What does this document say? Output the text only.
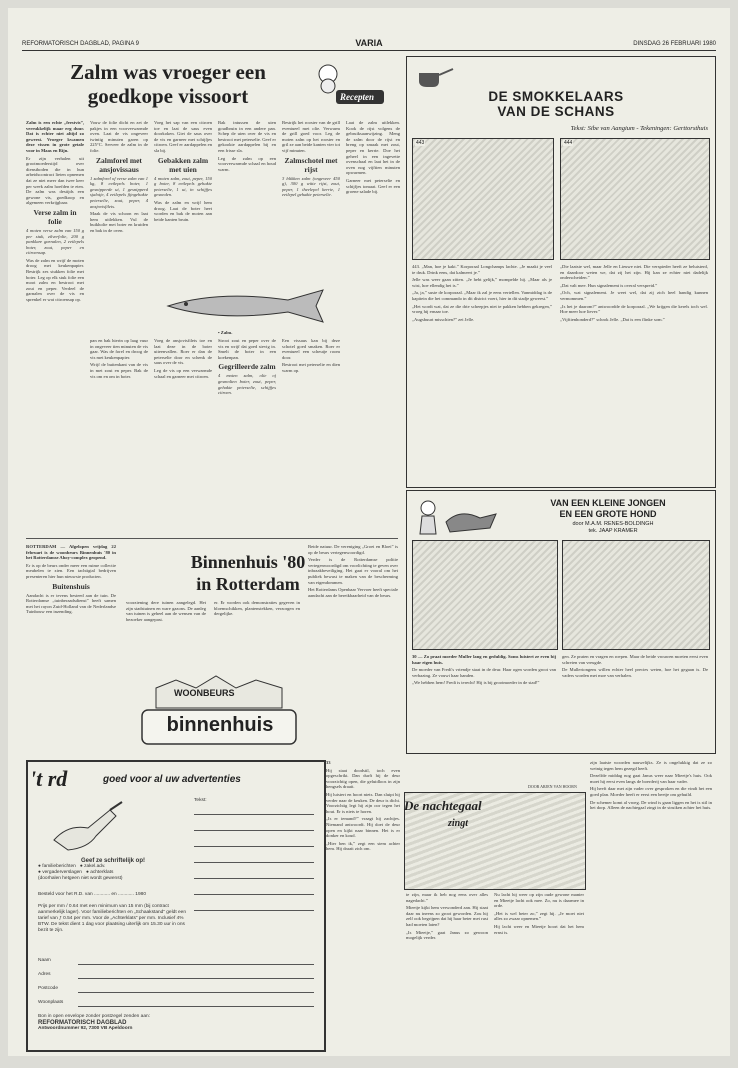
REFORMATORISCH DAGBLAD, PAGINA 9	VARIA	DINSDAG 26 FEBRUARI 1980
Zalm was vroeger een
goedkope vissoort	Recepten

Zalm is een echte „feestvis”, verrukkelijk maar erg duur. Dat is echter niet altijd zo geweest. Vroeger kwamen deze vissen in grote getale voor in Maas en Rijn.

Er zijn verhalen uit grootmoederstijd over dienstboden die in hun arbeidscontract lieten opnemen dat ze niet meer dan twee keer per week zalm hoefden te eten. De zalm was destijds een gewone vis, goedkoop en algemeen verkrijgbaar.

Verse zalm in folie

4 moten verse zalm van 150 g per stuk, zilverfolie, 200 g panklare garnalen, 2 eetlepels boter, zout, peper en citroensap.

Was de zalm en wrijf de moten droog met keukenpapier. Bestrijk zes stukken folie met boter. Leg op elk stuk folie een moot zalm en bestrooi met zout en peper. Verdeel de garnalen over de vis en sprenkel er wat citroensap op.

Vouw de folie dicht en zet de pakjes in een voorverwarmde oven. Laat de vis ongeveer twintig minuten garen op 225°C. Serveer de zalm in de folie.

Zalmforel met ansjovissaus

1 zalmforel of verse zalm van 1 kg, 8 eetlepels boter, 1 gesnipperde ui, 1 gesnipperd sjalotje, 4 eetlepels fijngehakte peterselie, zout, peper, 4 ansjovisfilets.

Maak de vis schoon en laat hem uitlekken. Vul de buikholte met boter en kruiden en bak in de oven.

Voeg het sap van een citroen toe en laat de saus even doorkoken. Giet de saus over de vis en garneer met schijfjes citroen. Geef er aardappelen en sla bij.

Gebakken zalm met uien

4 moten zalm, zout, peper, 150 g boter, 8 eetlepels gehakte peterselie, 1 ui, in schijfjes gesneden.

Was de zalm en wrijf hem droog. Laat de boter heet worden en bak de moten aan beide kanten bruin.

Bak intussen de uien goudbruin in een andere pan. Schep de uien over de vis en bestrooi met peterselie. Geef er gekookte aardappelen bij en een frisse sla.

Leg de zalm op een voorverwarmde schaal en houd warm.

Bestrijk het rooster van de grill eventueel met olie. Verwarm de grill goed voor. Leg de moten zalm op het rooster en gril ze aan beide kanten vier tot vijf minuten.

Zalmschotel met rijst

3 blikken zalm (ongeveer 450 g), 300 g witte rijst, zout, peper, 1 theelepel kerrie, 1 eetlepel gehakte peterselie.

Laat de zalm uitlekken. Kook de rijst volgens de gebruiksaanwijzing. Meng de zalm door de rijst en breng op smaak met zout, peper en kerrie. Doe het geheel in een ingevette ovenschaal en laat het in de oven nog vijftien minuten opwarmen.

Garneer met peterselie en schijfjes tomaat. Geef er een groene salade bij.

• Zalm.

pan en bak hierin op laag vuur in ongeveer tien minuten de vis gaar. Was de forel en droog de vis met keukenpapier.

Wrijf de buitenkant van de vis in met zout en peper. Bak de vis om en om in boter.

Voeg de ansjovisfilets toe en laat deze in de boter uiteenvallen. Roer er dan de peterselie door en schenk de saus over de vis.

Leg de vis op een verwarmde schaal en garneer met citroen.

Strooi zout en peper over de vis en wrijf dat goed stevig in. Smelt de boter in een koekenpan.

Gegrilleerde zalm

4 moten zalm, olie of gesmolten boter, zout, peper, gehakte peterselie, schijfjes citroen.

Een vissaus kan bij deze schotel goed smaken. Roer er eventueel een scheutje room door.

Bestrooi met peterselie en dien warm op.

ROTTERDAM — Afgelopen vrijdag 22 februari is de woonbeurs Binnenhuis '80 in het Rotterdamse Ahoy-complex geopend.

Er is op de beurs onder meer een ruime collectie meubelen te zien. Een tachtigtal bedrijven presenteren hier hun nieuwste producten.

Buitenshuis

Aandacht is er tevens besteed aan de tuin. De Rotterdamse „tuinberaadsdienst” heeft samen met het rayon Zuid-Holland van de Nederlandse Tuinbouw een inzending.

Binnenhuis '80
in Rotterdam

voorziening dere tuinen aangelegd. Het zijn stadstuinen en ware gazons. De aanleg van tuinen is geheel aan de wensen van de bezoeker aangepast.

er. Er worden ook demonstraties gegeven in bloemschikken, plantenstekken, verzorgen en dergelijke.

Beide natuur. De vereniging „Groei en Bloei” is op de beurs vertegenwoordigd.

Verder is de Rotterdamse politie vertegenwoordigd om voorlichting te geven over inbraakbeveiliging. Het gaat er vooral om het publiek bewust te maken van de bescherming van eigendommen.

Het Rotterdams Openbaar Vervoer heeft speciale aandacht aan de bereikbaarheid van de beurs.

WOONBEURS
binnenhuis
DE SMOKKELAARS
VAN DE SCHANS
Tekst: Sibe van Aangium - Tekeningen: Gerttorsthuis
443	444

443. „Man, hoe je kakt.” Korporaal Longchamps lachte. „Je maakt je veel te druk. Drink eens, dat kalmeert je.”

Jelle was weer gaan zitten. „Je hebt gelijk,” mompelde hij. „Maar als je wist, hoe ellendig het is.”

„Ja, ja,” suste de korporaal. „Maar ik zal je eens vertellen. Vanmiddag is de kapitein die het commando in dit district voert, hier in dit stadje geweest.”

„Het wordt wat, dat ze die drie scheepjes niet te pakken hebben gekregen,” vroeg hij ernaar toe.

„Augsbuurt misschien?” zei Jelle.

„Die laatste wel, maar Jelle en Lieuwe niet. Die verspieder heeft ze beluisterd, en daardoor weten we, dat zij het zijn. Hij kan ze echter niet dadelijk onderscheiden.”

„Dat valt mee. Hun signalement is overal verspreid.”

„Och, wat signalement. Je weet wel, dat zij zich heel handig kunnen vermommen.”

„Is het je daarom?” antwoordde de korporaal. „We krijgen die kerels toch wel. Hoe meer hoe liever.”

„Vijftienhonderd?” schrok Jelle. „Dat is een flinke som.”

VAN EEN KLEINE JONGEN
EN EEN GROTE HOND
door M.A.M. RENES-BOLDINGH
tek. JAAP KRAMER

30 — Zo praat moeder Muller lang en geduldig. Soms luistert ze even bij haar eigen huis.

De moeder van Fredi's vriendje staat in de deur. Haar ogen worden groot van verbazing. Ze vouwt haar handen.

„We hebben hem! Fredi is terecht! Hij is bij grootmoeder in de stad!”

gen. Ze praten en vragen en roepen. Maar de beide vrouwen moeten eerst even schreien van vreugde.

De Mulleriongens willen echter heel precies weten, hoe het gegaan is. De vaders worden met moe van verhalen.

't rd	goed voor al uw advertenties
Tekst:
Geef ze schriftelijk op!
● familieberichten ● zakel.adv.
● vergaderverslagen ● achterklats
(doorhalen hetgeen niet wordt gewenst)
Besteld voor het R.D. van ............ en ............ 1980
Prijs per mm / 0.64 met een minimum van 15 mm (bij contract aanmerkelijk lager). Voor familieberichten en „Schaakstand” geldt een tarief van ƒ 0.54 per mm. Voor de „Achterklats” per mm. Inclusief 4% BTW. De tekst dient 1 dag voor plaatsing uiterlijk om 15.30 uur in ons bezit te zijn.
Naam
Adres
Postcode
Woonplaats
Bon in open envelope zonder postzegel zenden aan:
REFORMATORISCH DAGBLAD
Antwoordnummer 92, 7300 VB Apeldoorn

33

Hij staat doodstil, toch even opgeschrikt. Dan durft hij de deur voorzichtig open, die geluidloos in zijn hengsels draait.

Hij luistert en hoort niets. Dan sluipt hij verder naar de keuken. De deur is dicht. Voorzichtig legt hij zijn oor tegen het hout. Er is niets te horen.

„Is er iemand?” vraagt hij zachtjes. Niemand antwoordt. Hij doet de deur open en kijkt naar binnen. Het is er donker en koud.

„Hier ben ik,” zegt een stem achter hem. Hij draait zich om.

De nachtegaal
zingt
DOOR ARJEN VAN HOORN

te zijn, maar ik heb nog eens over alles nagedacht.”

Mieetje kijkt hem verwonderd aan. Hij staat daar nu ineens zo groot geworden. Zou hij zelf ook begrijpen dat hij haar beter met rust had moeten laten?

„Is Mieetje,” gaat Janus zo gewoon mogelijk verder.

Nu lacht hij weer op zijn oude gewone manier en Mieetje lacht ook mee. Zo, nu is daarmee in orde.

„Het is wel beter zo,” zegt hij. „Je moet niet alles zo zwaar opnemen.”

Hij lacht weer en Mieetje hoort dat het hem ernst is.

zijn laatste woorden nauwelijks. Ze is ongelukkig dat ze zo weinig tegen hem gezegd heeft.

Dezelfde middag nog gaat Janus weer naar Mieetje's huis. Ook moet hij eerst even langs de boerderij van haar vader.

Hij heeft daar met zijn vader over gesproken en die vindt het een goed plan. Moeder heeft er eerst een beetje om gehuild.

De schemer komt al vroeg. De wind is gaan liggen en het is stil in het dorp. Alleen de nachtegaal zingt in de struiken achter het huis.
